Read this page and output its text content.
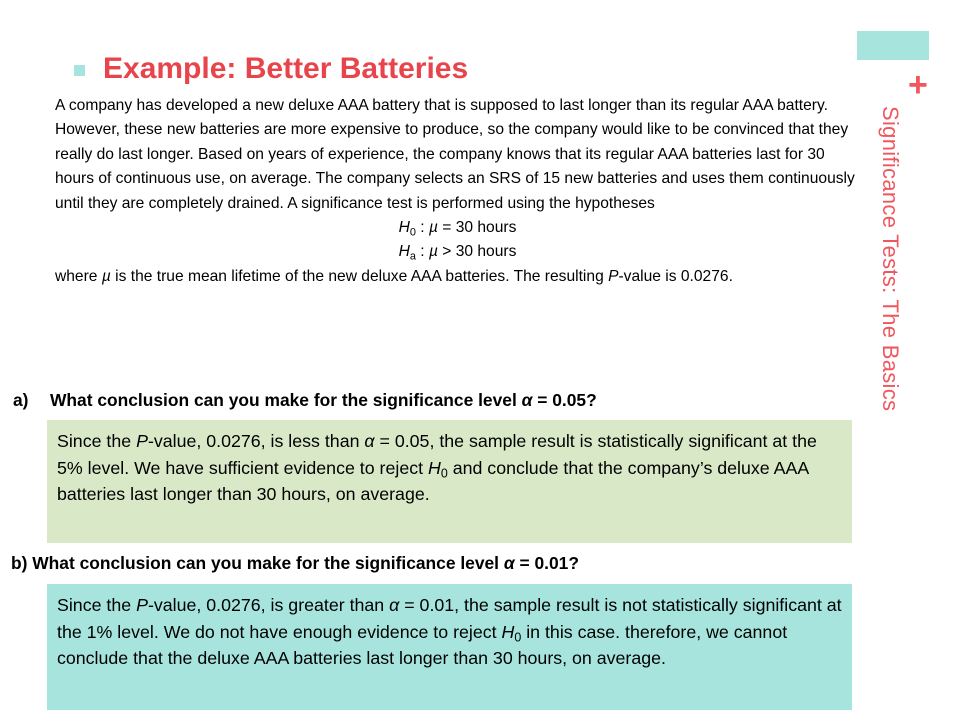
+
Significance Tests: The Basics
Example: Better Batteries

A company has developed a new deluxe AAA battery that is supposed to last longer than its regular AAA battery. However, these new batteries are more expensive to produce, so the company would like to be convinced that they really do last longer. Based on years of experience, the company knows that its regular AAA batteries last for 30 hours of continuous use, on average. The company selects an SRS of 15 new batteries and uses them continuously until they are completely drained. A significance test is performed using the hypotheses

$H_0$ : µ = 30 hours

$H_a$ : µ > 30 hours

where µ is the true mean lifetime of the new deluxe AAA batteries. The resulting P-value is 0.0276.

a) What conclusion can you make for the significance level α = 0.05?
Since the P-value, 0.0276, is less than α = 0.05, the sample result is statistically significant at the 5% level. We have sufficient evidence to reject $H_0$ and conclude that the company’s deluxe AAA batteries last longer than 30 hours, on average.
b) What conclusion can you make for the significance level α = 0.01?
Since the P-value, 0.0276, is greater than α = 0.01, the sample result is not statistically significant at the 1% level. We do not have enough evidence to reject $H_0$ in this case. therefore, we cannot conclude that the deluxe AAA batteries last longer than 30 hours, on average.
